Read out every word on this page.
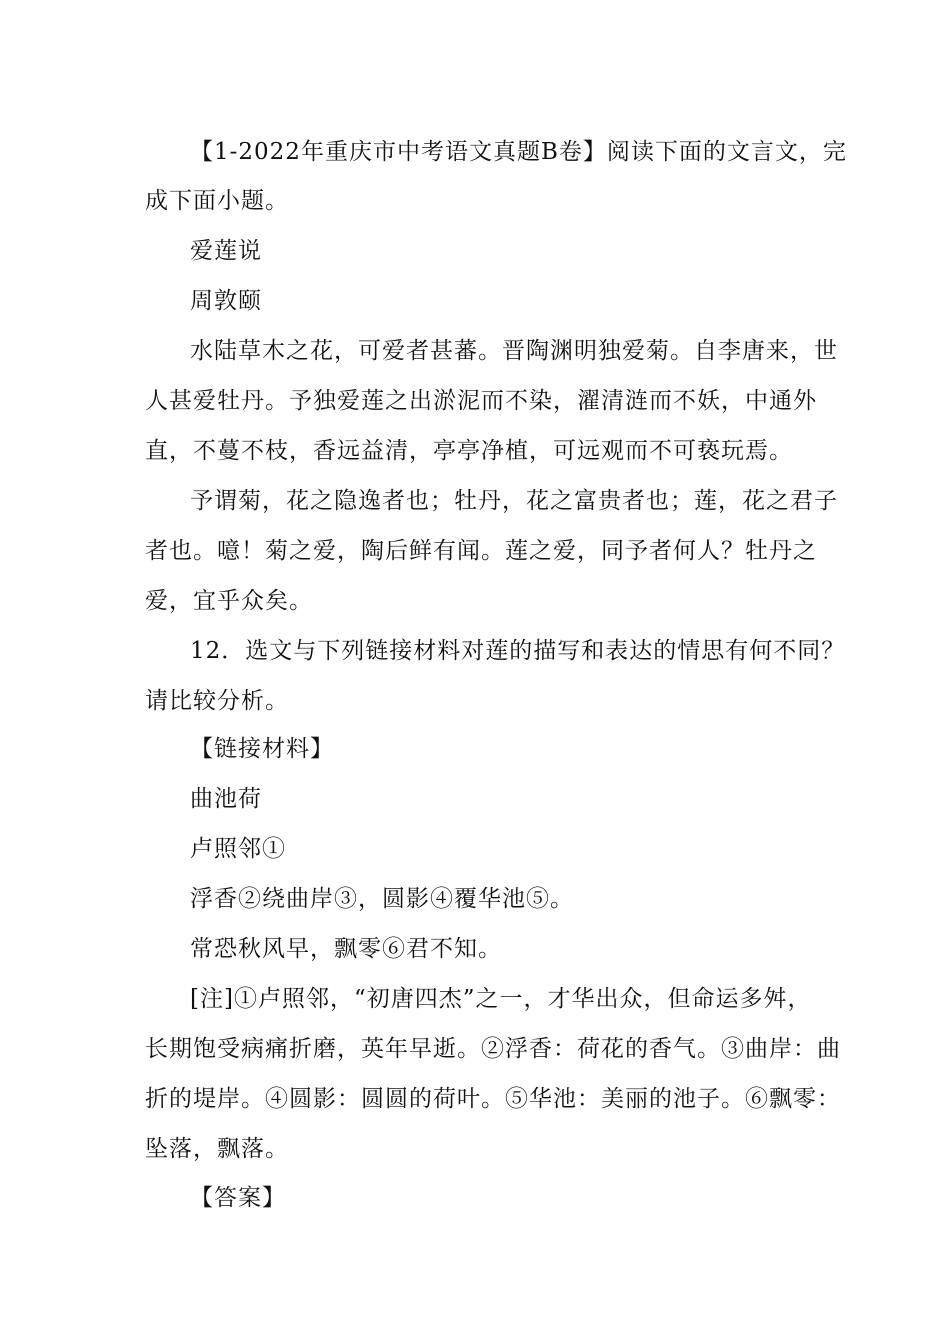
【1-2022年重庆市中考语文真题B卷】阅读下面的文言文，完
成下面小题。
爱莲说
周敦颐
水陆草木之花，可爱者甚蕃。晋陶渊明独爱菊。自李唐来，世
人甚爱牡丹。予独爱莲之出淤泥而不染，濯清涟而不妖，中通外
直，不蔓不枝，香远益清，亭亭净植，可远观而不可亵玩焉。
予谓菊，花之隐逸者也；牡丹，花之富贵者也；莲，花之君子
者也。噫！菊之爱，陶后鲜有闻。莲之爱，同予者何人？牡丹之
爱，宜乎众矣。
12．选文与下列链接材料对莲的描写和表达的情思有何不同？
请比较分析。
【链接材料】
曲池荷
卢照邻①
浮香②绕曲岸③，圆影④覆华池⑤。
常恐秋风早，飘零⑥君不知。
[注]①卢照邻，“初唐四杰”之一，才华出众，但命运多舛，
长期饱受病痛折磨，英年早逝。②浮香：荷花的香气。③曲岸：曲
折的堤岸。④圆影：圆圆的荷叶。⑤华池：美丽的池子。⑥飘零：
坠落，飘落。
【答案】
